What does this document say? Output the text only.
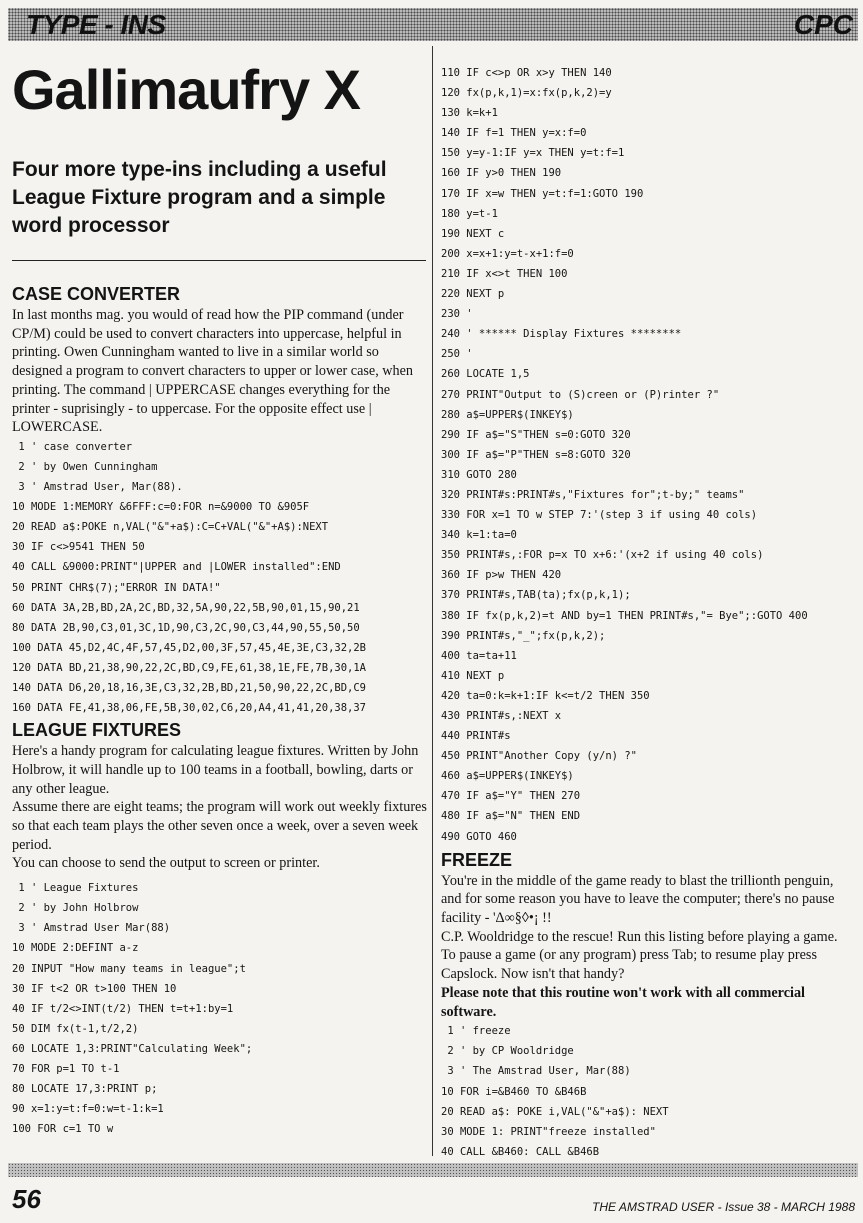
TYPE - INS	CPC
Gallimaufry X

Four more type-ins including a useful League Fixture program and a simple word processor

CASE CONVERTER

In last months mag. you would of read how the PIP command (under CP/M) could be used to convert characters into uppercase, helpful in printing. Owen Cunningham wanted to live in a similar world so designed a program to convert characters to upper or lower case, when printing. The command | UPPERCASE changes everything for the printer - suprisingly - to uppercase. For the opposite effect use | LOWERCASE.

1 ' case converter
2 ' by Owen Cunningham
3 ' Amstrad User, Mar(88).
10 MODE 1:MEMORY &6FFF:c=0:FOR n=&9000 TO &905F
20 READ a$:POKE n,VAL("&"+a$):C=C+VAL("&"+A$):NEXT
30 IF c<>9541 THEN 50
40 CALL &9000:PRINT"|UPPER and |LOWER installed":END
50 PRINT CHR$(7);"ERROR IN DATA!"
60 DATA 3A,2B,BD,2A,2C,BD,32,5A,90,22,5B,90,01,15,90,21
80 DATA 2B,90,C3,01,3C,1D,90,C3,2C,90,C3,44,90,55,50,50
100 DATA 45,D2,4C,4F,57,45,D2,00,3F,57,45,4E,3E,C3,32,2B
120 DATA BD,21,38,90,22,2C,BD,C9,FE,61,38,1E,FE,7B,30,1A
140 DATA D6,20,18,16,3E,C3,32,2B,BD,21,50,90,22,2C,BD,C9
160 DATA FE,41,38,06,FE,5B,30,02,C6,20,A4,41,41,20,38,37
LEAGUE FIXTURES

Here's a handy program for calculating league fixtures. Written by John Holbrow, it will handle up to 100 teams in a football, bowling, darts or any other league.

Assume there are eight teams; the program will work out weekly fixtures so that each team plays the other seven once a week, over a seven week period.

You can choose to send the output to screen or printer.

1 ' League Fixtures
2 ' by John Holbrow
3 ' Amstrad User Mar(88)
10 MODE 2:DEFINT a-z
20 INPUT "How many teams in league";t
30 IF t<2 OR t>100 THEN 10
40 IF t/2<>INT(t/2) THEN t=t+1:by=1
50 DIM fx(t-1,t/2,2)
60 LOCATE 1,3:PRINT"Calculating Week";
70 FOR p=1 TO t-1
80 LOCATE 17,3:PRINT p;
90 x=1:y=t:f=0:w=t-1:k=1
100 FOR c=1 TO w
110 IF c<>p OR x>y THEN 140
120 fx(p,k,1)=x:fx(p,k,2)=y
130 k=k+1
140 IF f=1 THEN y=x:f=0
150 y=y-1:IF y=x THEN y=t:f=1
160 IF y>0 THEN 190
170 IF x=w THEN y=t:f=1:GOTO 190
180 y=t-1
190 NEXT c
200 x=x+1:y=t-x+1:f=0
210 IF x<>t THEN 100
220 NEXT p
230 '
240 ' ****** Display Fixtures ********
250 '
260 LOCATE 1,5
270 PRINT"Output to (S)creen or (P)rinter ?"
280 a$=UPPER$(INKEY$)
290 IF a$="S"THEN s=0:GOTO 320
300 IF a$="P"THEN s=8:GOTO 320
310 GOTO 280
320 PRINT#s:PRINT#s,"Fixtures for";t-by;" teams"
330 FOR x=1 TO w STEP 7:'(step 3 if using 40 cols)
340 k=1:ta=0
350 PRINT#s,:FOR p=x TO x+6:'(x+2 if using 40 cols)
360 IF p>w THEN 420
370 PRINT#s,TAB(ta);fx(p,k,1);
380 IF fx(p,k,2)=t AND by=1 THEN PRINT#s,"= Bye";:GOTO 400
390 PRINT#s,"_";fx(p,k,2);
400 ta=ta+11
410 NEXT p
420 ta=0:k=k+1:IF k<=t/2 THEN 350
430 PRINT#s,:NEXT x
440 PRINT#s
450 PRINT"Another Copy (y/n) ?"
460 a$=UPPER$(INKEY$)
470 IF a$="Y" THEN 270
480 IF a$="N" THEN END
490 GOTO 460
FREEZE

You're in the middle of the game ready to blast the trillionth penguin, and for some reason you have to leave the computer; there's no pause facility - 'Δ∞§◊•¡ !!

C.P. Wooldridge to the rescue! Run this listing before playing a game. To pause a game (or any program) press Tab; to resume play press Capslock. Now isn't that handy?

Please note that this routine won't work with all commercial software.

1 ' freeze
2 ' by CP Wooldridge
3 ' The Amstrad User, Mar(88)
10 FOR i=&B460 TO &B46B
20 READ a$: POKE i,VAL("&"+a$): NEXT
30 MODE 1: PRINT"freeze installed"
40 CALL &B460: CALL &B46B
56	THE AMSTRAD USER - Issue 38 - MARCH 1988
